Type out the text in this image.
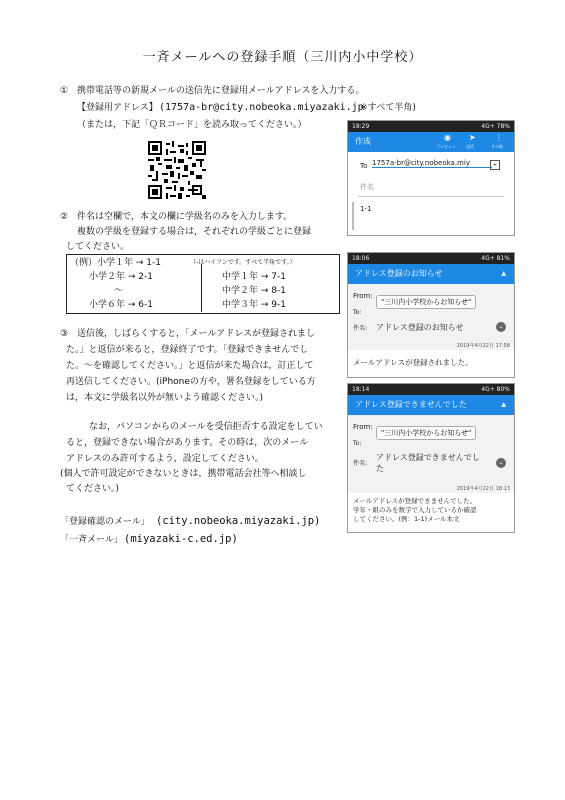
一斉メールへの登録手順（三川内小中学校）
① 携帯電話等の新規メールの送信先に登録用メールアドレスを入力する。
【登録用アドレス】 (1757a-br@city.nobeoka.miyazaki.jp
※すべて半角)
（または，下記「ＱＲコード」を読み取ってください。）
② 件名は空欄で，本文の欄に学級名のみを入力します。
複数の学級を登録する場合は，それぞれの学級ごとに登録
してください。
（例）小学１年 → 1-1	（-はハイフンです。すべて半角です。）
小学２年 → 2-1	中学１年 → 7-1
〜	中学２年 → 8-1
小学６年 → 6-1	中学３年 → 9-1
③ 送信後，しばらくすると，「メールアドレスが登録されまし
た。」と返信が来ると，登録終了です。「登録できませんでし
た。〜を確認してください。」と返信が来た場合は，訂正して
再送信してください。(iPhoneの方や，署名登録をしている方
は，本文に学級名以外が無いよう確認ください。)
なお，パソコンからのメールを受信拒否する設定をしてい
ると，登録できない場合があります。その時は，次のメール
アドレスのみ許可するよう，設定してください。
(個人で許可設定ができないときは，携帯電話会社等へ相談し
てください。)
「登録確認のメール」 (city.nobeoka.miyazaki.jp)
「一斉メール」 (miyazaki-c.ed.jp)
18:29	4G+ 78%
作成	◉ ➤ ⋮
プレビュー	送信	その他
To 1757a-br@city.nobeoka.miy	+
件名
1-1
18:06	4G+ 81%
アドレス登録のお知らせ	▲
From:
"三川内小学校からお知らせ"
To:
件名:	アドレス登録のお知らせ	⌄
2019年4月22日 17:58
メールアドレスが登録されました。
18:14	4G+ 80%
アドレス登録できませんでした	▲
From:
"三川内小学校からお知らせ"
To:
件名:
アドレス登録できませんでし
た
⌄
2019年4月22日 18:13
メールアドレスが登録できませんでした。
学年・組のみを数字で入力しているか確認
してください。(例：1-1)メール本文
